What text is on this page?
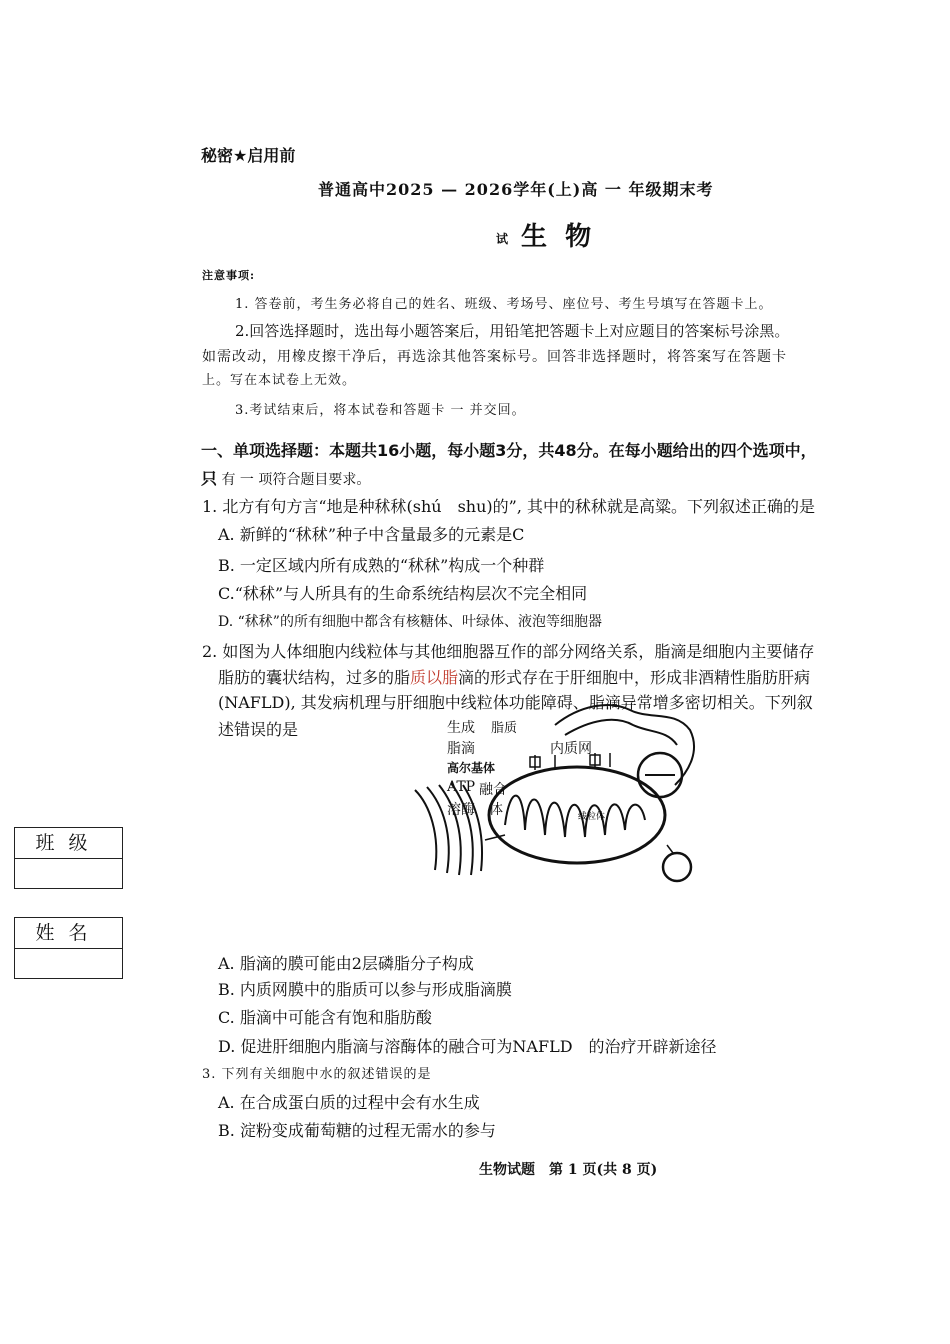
秘密★启用前
普通高中2025 — 2026学年(上)高 一 年级期末考
试 生  物
注意事项:
1. 答卷前，考生务必将自己的姓名、班级、考场号、座位号、考生号填写在答题卡上。
2.回答选择题时，选出每小题答案后，用铅笔把答题卡上对应题目的答案标号涂黑。
如需改动，用橡皮擦干净后，再选涂其他答案标号。回答非选择题时，将答案写在答题卡
上。写在本试卷上无效。
3.考试结束后，将本试卷和答题卡 一 并交回。
一、单项选择题：本题共16小题，每小题3分，共48分。在每小题给出的四个选项中，
只 有 一 项符合题目要求。
1. 北方有句方言“地是种秫秫(shú　shu)的”, 其中的秫秫就是高粱。下列叙述正确的是
A. 新鲜的“秫秫”种子中含量最多的元素是C
B. 一定区域内所有成熟的“秫秫”构成一个种群
C.“秫秫”与人所具有的生命系统结构层次不完全相同
D. “秫秫”的所有细胞中都含有核糖体、叶绿体、液泡等细胞器
2. 如图为人体细胞内线粒体与其他细胞器互作的部分网络关系，脂滴是细胞内主要储存
脂肪的囊状结构，过多的脂质以脂滴的形式存在于肝细胞中，形成非酒精性脂肪肝病
(NAFLD), 其发病机理与肝细胞中线粒体功能障碍、脂滴异常增多密切相关。下列叙
述错误的是
线粒体
生成 脂质
脂滴	内质网
高尔基体
ATP 融合
溶酶 体
A. 脂滴的膜可能由2层磷脂分子构成
B. 内质网膜中的脂质可以参与形成脂滴膜
C. 脂滴中可能含有饱和脂肪酸
D. 促进肝细胞内脂滴与溶酶体的融合可为NAFLD　的治疗开辟新途径
3. 下列有关细胞中水的叙述错误的是
A. 在合成蛋白质的过程中会有水生成
B. 淀粉变成葡萄糖的过程无需水的参与
班级
姓名
生物试题　第 1 页(共 8 页)
